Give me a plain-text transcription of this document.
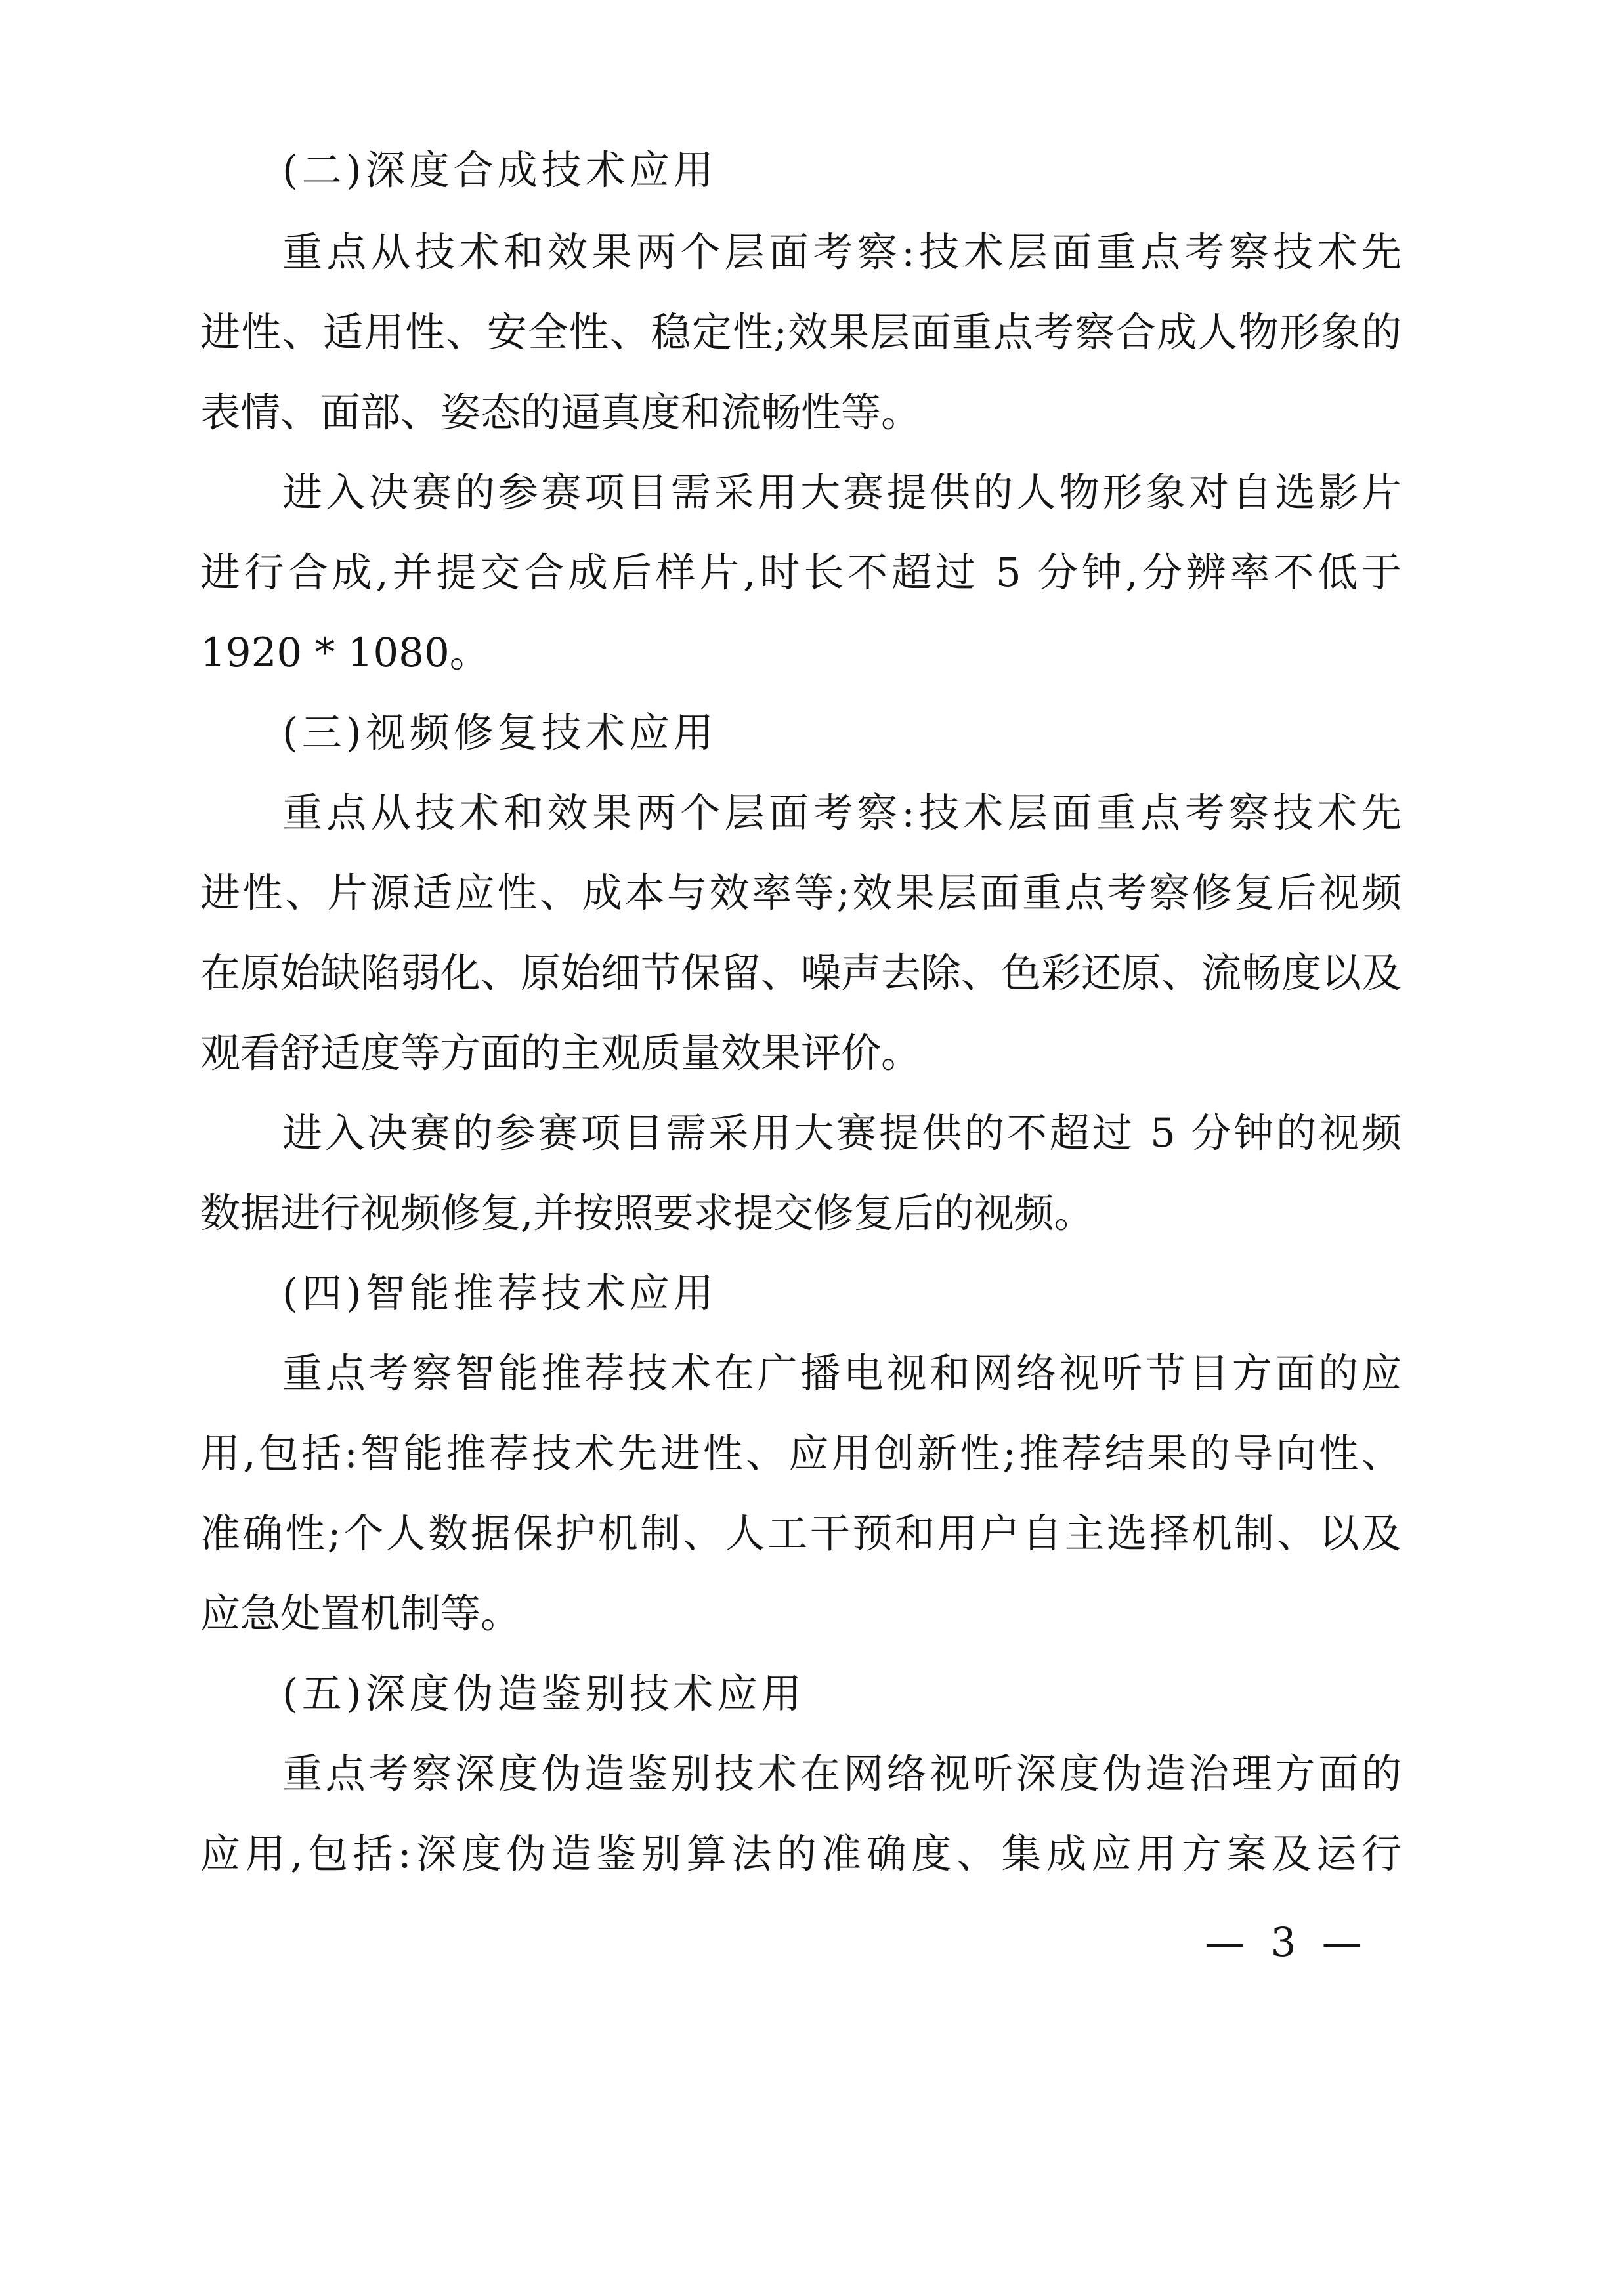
(二)深度合成技术应用
重点从技术和效果两个层面考察:技术层面重点考察技术先
进性、适用性、安全性、稳定性;效果层面重点考察合成人物形象的
表情、面部、姿态的逼真度和流畅性等。
进入决赛的参赛项目需采用大赛提供的人物形象对自选影片
进行合成,并提交合成后样片,时长不超过 5 分钟,分辨率不低于
1920 * 1080。
(三)视频修复技术应用
重点从技术和效果两个层面考察:技术层面重点考察技术先
进性、片源适应性、成本与效率等;效果层面重点考察修复后视频
在原始缺陷弱化、原始细节保留、噪声去除、色彩还原、流畅度以及
观看舒适度等方面的主观质量效果评价。
进入决赛的参赛项目需采用大赛提供的不超过 5 分钟的视频
数据进行视频修复,并按照要求提交修复后的视频。
(四)智能推荐技术应用
重点考察智能推荐技术在广播电视和网络视听节目方面的应
用,包括:智能推荐技术先进性、应用创新性;推荐结果的导向性、
准确性;个人数据保护机制、人工干预和用户自主选择机制、以及
应急处置机制等。
(五)深度伪造鉴别技术应用
重点考察深度伪造鉴别技术在网络视听深度伪造治理方面的
应用,包括:深度伪造鉴别算法的准确度、集成应用方案及运行
— 3 —
